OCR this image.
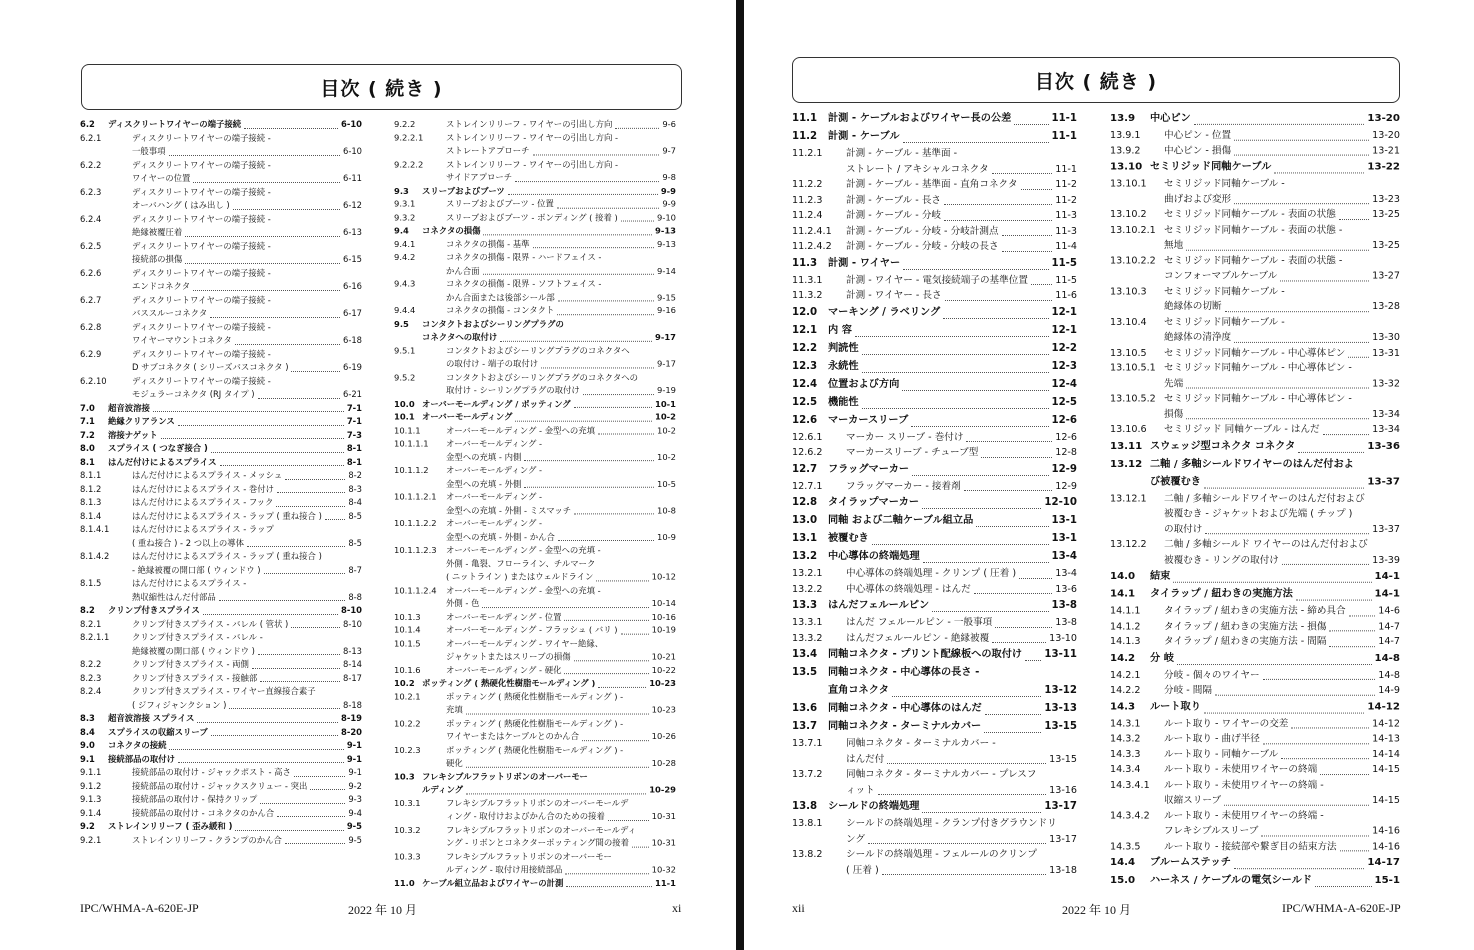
目次 ( 続き )
6.2 ディスクリートワイヤーの端子接続	6-10
6.2.1	ディスクリートワイヤーの端子接続 -
一般事項	6-10
6.2.2	ディスクリートワイヤーの端子接続 -
ワイヤーの位置	6-11
6.2.3	ディスクリートワイヤーの端子接続 -
オーバハング ( はみ出し )	6-12
6.2.4	ディスクリートワイヤーの端子接続 -
絶縁被覆圧着	6-13
6.2.5	ディスクリートワイヤーの端子接続 -
接続部の損傷	6-15
6.2.6	ディスクリートワイヤーの端子接続 -
エンドコネクタ	6-16
6.2.7	ディスクリートワイヤーの端子接続 -
バススルーコネクタ	6-17
6.2.8	ディスクリートワイヤーの端子接続 -
ワイヤーマウントコネクタ	6-18
6.2.9	ディスクリートワイヤーの端子接続 -
D サブコネクタ ( シリーズバスコネクタ )	6-19
6.2.10	ディスクリートワイヤーの端子接続 -
モジュラーコネクタ (RJ タイプ )	6-21
7.0 超音波溶接	7-1
7.1 絶縁クリアランス	7-1
7.2 溶接ナゲット	7-3
8.0 スプライス ( つなぎ接合 )	8-1
8.1 はんだ付けによるスプライス	8-1
8.1.1	はんだ付けによるスプライス - メッシュ	8-2
8.1.2	はんだ付けによるスプライス - 巻付け	8-3
8.1.3	はんだ付けによるスプライス - フック	8-4
8.1.4	はんだ付けによるスプライス - ラップ ( 重ね接合 )	8-5
8.1.4.1	はんだ付けによるスプライス - ラップ
( 重ね接合 ) - 2 つ以上の導体	8-5
8.1.4.2	はんだ付けによるスプライス - ラップ ( 重ね接合 )
- 絶縁被覆の開口部 ( ウィンドウ )	8-7
8.1.5	はんだ付けによるスプライス -
熱収縮性はんだ付部品	8-8
8.2 クリンプ付きスプライス	8-10
8.2.1	クリンプ付きスプライス - バレル ( 管状 )	8-10
8.2.1.1	クリンプ付きスプライス - バレル -
絶縁被覆の開口部 ( ウィンドウ )	8-13
8.2.2	クリンプ付きスプライス - 両側	8-14
8.2.3	クリンプ付きスプライス - 接触部	8-17
8.2.4	クリンプ付きスプライス - ワイヤー直線接合素子
( ジフィジャンクション )	8-18
8.3 超音波溶接 スプライス	8-19
8.4 スプライスの収縮スリーブ	8-20
9.0 コネクタの接続	9-1
9.1 接続部品の取付け	9-1
9.1.1	接続部品の取付け - ジャックポスト - 高さ	9-1
9.1.2	接続部品の取付け - ジャックスクリュー - 突出	9-2
9.1.3	接続部品の取付け - 保持クリップ	9-3
9.1.4	接続部品の取付け - コネクタのかん合	9-4
9.2 ストレインリリーフ ( 歪み緩和 )	9-5
9.2.1	ストレインリリーフ - クランプのかん合	9-5
9.2.2	ストレインリリーフ - ワイヤーの引出し方向	9-6
9.2.2.1	ストレインリリーフ - ワイヤーの引出し方向 -
ストレートアプローチ	9-7
9.2.2.2	ストレインリリーフ - ワイヤーの引出し方向 -
サイドアプローチ	9-8
9.3 スリーブおよびブーツ	9-9
9.3.1	スリーブおよびブーツ - 位置	9-9
9.3.2	スリーブおよびブーツ - ボンディング ( 接着 )	9-10
9.4 コネクタの損傷	9-13
9.4.1	コネクタの損傷 - 基準	9-13
9.4.2	コネクタの損傷 - 限界 - ハードフェイス -
かん合面	9-14
9.4.3	コネクタの損傷 - 限界 - ソフトフェイス -
かん合面または後部シール部	9-15
9.4.4	コネクタの損傷 - コンタクト	9-16
9.5 コンタクトおよびシーリングプラグの
コネクタへの取付け	9-17
9.5.1	コンタクトおよびシーリングプラグのコネクタへ
の取付け - 端子の取付け	9-17
9.5.2	コンタクトおよびシーリングプラグのコネクタへの
取付け - シーリングプラグの取付け	9-19
10.0 オーバーモールディング / ポッティング	10-1
10.1 オーバーモールディング	10-2
10.1.1	オーバーモールディング - 金型への充填	10-2
10.1.1.1 オーバーモールディング -
金型への充填 - 内側	10-2
10.1.1.2 オーバーモールディング -
金型への充填 - 外側	10-5
10.1.1.2.1 オーバーモールディング -
金型への充填 - 外側 - ミスマッチ	10-8
10.1.1.2.2 オーバーモールディング -
金型への充填 - 外側 - かん合	10-9
10.1.1.2.3 オーバーモールディング - 金型への充填 -
外側 - 亀裂、フローライン、チルマーク
( ニットライン ) またはウェルドライン	10-12
10.1.1.2.4 オーバーモールディング - 金型への充填 -
外側 - 色	10-14
10.1.3	オーバーモールディング - 位置	10-16
10.1.4	オーバーモールディング - フラッシュ ( バリ )	10-19
10.1.5	オーバーモールディング - ワイヤー絶縁、
ジャケットまたはスリーブの損傷	10-21
10.1.6	オーバーモールディング - 硬化	10-22
10.2 ポッティング ( 熱硬化性樹脂モールディング )	10-23
10.2.1	ポッティング ( 熱硬化性樹脂モールディング ) -
充填	10-23
10.2.2	ポッティング ( 熱硬化性樹脂モールディング ) -
ワイヤーまたはケーブルとのかん合	10-26
10.2.3	ポッティング ( 熱硬化性樹脂モールディング ) -
硬化	10-28
10.3 フレキシブルフラットリボンのオーバーモー
ルディング	10-29
10.3.1	フレキシブルフラットリボンのオーバーモールデ
ィング - 取付けおよびかん合のための接着	10-31
10.3.2	フレキシブルフラットリボンのオーバーモールディ
ング - リボンとコネクターポッティング間の接着	10-31
10.3.3	フレキシブルフラットリボンのオーバーモー
ルディング - 取付け用接続部品	10-32
11.0 ケーブル組立品およびワイヤーの計測	11-1
IPC/WHMA-A-620E-JP	2022 年 10 月	xi
目次 ( 続き )
11.1 計測 - ケーブルおよびワイヤー長の公差	11-1
11.2 計測 - ケーブル	11-1
11.2.1 計測 - ケーブル - 基準面 -
ストレート / アキシャルコネクタ	11-1
11.2.2 計測 - ケーブル - 基準面 - 直角コネクタ	11-2
11.2.3 計測 - ケーブル - 長さ	11-2
11.2.4 計測 - ケーブル - 分岐	11-3
11.2.4.1 計測 - ケーブル - 分岐 - 分岐計測点	11-3
11.2.4.2 計測 - ケーブル - 分岐 - 分岐の長さ	11-4
11.3 計測 - ワイヤー	11-5
11.3.1 計測 - ワイヤー - 電気接続端子の基準位置	11-5
11.3.2 計測 - ワイヤー - 長さ	11-6
12.0 マーキング / ラベリング	12-1
12.1 内 容	12-1
12.2 判読性	12-2
12.3 永続性	12-3
12.4 位置および方向	12-4
12.5 機能性	12-5
12.6 マーカースリーブ	12-6
12.6.1 マーカー スリーブ - 巻付け	12-6
12.6.2 マーカースリーブ - チューブ型	12-8
12.7 フラッグマーカー	12-9
12.7.1 フラッグマーカー - 接着剤	12-9
12.8 タイラップマーカー	12-10
13.0 同軸 および二軸ケーブル組立品	13-1
13.1 被覆むき	13-1
13.2 中心導体の終端処理	13-4
13.2.1 中心導体の終端処理 - クリンプ ( 圧着 )	13-4
13.2.2 中心導体の終端処理 - はんだ	13-6
13.3 はんだフェルールピン	13-8
13.3.1 はんだ フェルールピン - 一般事項	13-8
13.3.2 はんだフェルールピン - 絶縁被覆	13-10
13.4 同軸コネクタ - プリント配線板への取付け 13-11
13.5 同軸コネクタ - 中心導体の長さ -
直角コネクタ	13-12
13.6 同軸コネクタ - 中心導体のはんだ	13-13
13.7 同軸コネクタ - ターミナルカバー	13-15
13.7.1 同軸コネクタ - ターミナルカバー -
はんだ付	13-15
13.7.2 同軸コネクタ - ターミナルカバー - プレスフ
ィット	13-16
13.8 シールドの終端処理	13-17
13.8.1 シールドの終端処理 - クランプ付きグラウンドリ
ング	13-17
13.8.2 シールドの終端処理 - フェルールのクリンプ
( 圧着 )	13-18
13.9 中心ピン	13-20
13.9.1 中心ピン - 位置	13-20
13.9.2 中心ピン - 損傷	13-21
13.10 セミリジッド同軸ケーブル	13-22
13.10.1 セミリジッド同軸ケーブル -
曲げおよび変形	13-23
13.10.2 セミリジッド同軸ケーブル - 表面の状態	13-25
13.10.2.1 セミリジッド同軸ケーブル - 表面の状態 -
無地	13-25
13.10.2.2 セミリジッド同軸ケーブル - 表面の状態 -
コンフォーマブルケーブル	13-27
13.10.3 セミリジッド同軸ケーブル -
絶縁体の切断	13-28
13.10.4 セミリジッド同軸ケーブル -
絶縁体の清浄度	13-30
13.10.5 セミリジッド同軸ケーブル - 中心導体ピン	13-31
13.10.5.1 セミリジッド同軸ケーブル - 中心導体ピン -
先端	13-32
13.10.5.2 セミリジッド同軸ケーブル - 中心導体ピン -
損傷	13-34
13.10.6 セミリジッド 同軸ケーブル - はんだ	13-34
13.11 スウェッジ型コネクタ コネクタ	13-36
13.12 二軸 / 多軸シールドワイヤーのはんだ付およ
び被覆むき	13-37
13.12.1 二軸 / 多軸シールドワイヤーのはんだ付および
被覆むき - ジャケットおよび先端 ( チップ )
の取付け	13-37
13.12.2 二軸 / 多軸シールド ワイヤーのはんだ付および
被覆むき - リングの取付け	13-39
14.0 結束	14-1
14.1 タイラップ / 紐わきの実施方法	14-1
14.1.1 タイラップ / 紐わきの実施方法 - 締め具合	14-6
14.1.2 タイラップ / 紐わきの実施方法 - 損傷	14-7
14.1.3 タイラップ / 紐わきの実施方法 - 間隔	14-7
14.2 分 岐	14-8
14.2.1 分岐 - 個々のワイヤー	14-8
14.2.2 分岐 - 間隔	14-9
14.3 ルート取り	14-12
14.3.1 ルート取り - ワイヤーの交差	14-12
14.3.2 ルート取り - 曲げ半径	14-13
14.3.3 ルート取り - 同軸ケーブル	14-14
14.3.4 ルート取り - 未使用ワイヤーの終端	14-15
14.3.4.1 ルート取り - 未使用ワイヤーの終端 -
収縮スリーブ	14-15
14.3.4.2 ルート取り - 未使用ワイヤーの終端 -
フレキシブルスリーブ	14-16
14.3.5 ルート取り - 接続部や繋ぎ目の結束方法	14-16
14.4 ブルームステッチ	14-17
15.0 ハーネス / ケーブルの電気シールド	15-1
xii	2022 年 10 月	IPC/WHMA-A-620E-JP
